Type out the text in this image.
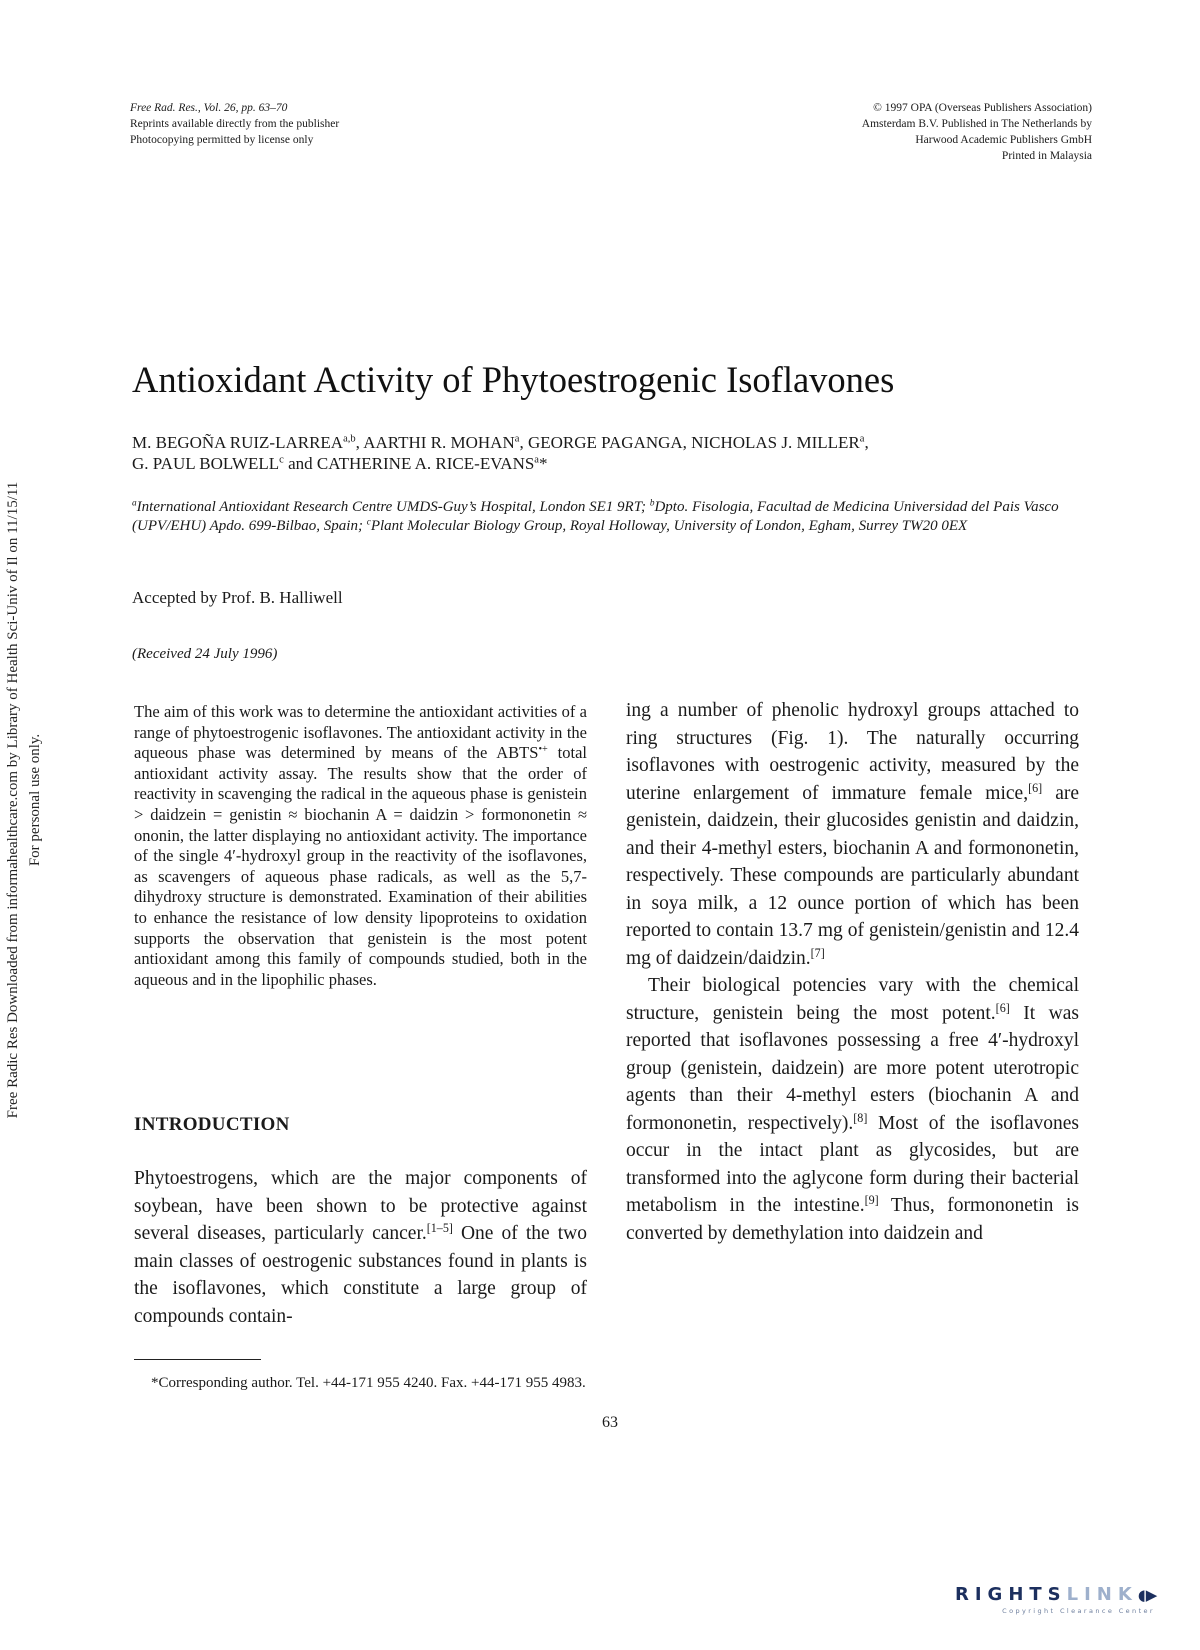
Free Radic Res Downloaded from informahealthcare.com by Library of Health Sci-Univ of Il on 11/15/11 For personal use only.
Free Rad. Res., Vol. 26, pp. 63–70
Reprints available directly from the publisher
Photocopying permitted by license only
© 1997 OPA (Overseas Publishers Association)
Amsterdam B.V. Published in The Netherlands by
Harwood Academic Publishers GmbH
Printed in Malaysia
Antioxidant Activity of Phytoestrogenic Isoflavones
M. BEGOÑA RUIZ-LARREA$^{a,b}$, AARTHI R. MOHAN$^a$, GEORGE PAGANGA, NICHOLAS J. MILLER$^a$,
G. PAUL BOLWELL$^c$ and CATHERINE A. RICE-EVANS$^a$*
$^a$International Antioxidant Research Centre UMDS-Guy’s Hospital, London SE1 9RT; $^b$Dpto. Fisologia, Facultad de Medicina Universidad del Pais Vasco (UPV/EHU) Apdo. 699-Bilbao, Spain; $^c$Plant Molecular Biology Group, Royal Holloway, University of London, Egham, Surrey TW20 0EX
Accepted by Prof. B. Halliwell
(Received 24 July 1996)
The aim of this work was to determine the antioxidant activities of a range of phytoestrogenic isoflavones. The antioxidant activity in the aqueous phase was determined by means of the ABTS•+ total antioxidant activity assay. The results show that the order of reactivity in scavenging the radical in the aqueous phase is genistein > daidzein = genistin ≈ biochanin A = daidzin > formononetin ≈ ononin, the latter displaying no antioxidant activity. The importance of the single 4′-hydroxyl group in the reactivity of the isoflavones, as scavengers of aqueous phase radicals, as well as the 5,7-dihydroxy structure is demonstrated. Examination of their abilities to enhance the resistance of low density lipoproteins to oxidation supports the observation that genistein is the most potent antioxidant among this family of compounds studied, both in the aqueous and in the lipophilic phases.
INTRODUCTION

Phytoestrogens, which are the major components of soybean, have been shown to be protective against several diseases, particularly cancer.[1–5] One of the two main classes of oestrogenic substances found in plants is the isoflavones, which constitute a large group of compounds contain-

ing a number of phenolic hydroxyl groups attached to ring structures (Fig. 1). The naturally occurring isoflavones with oestrogenic activity, measured by the uterine enlargement of immature female mice,[6] are genistein, daidzein, their glucosides genistin and daidzin, and their 4-methyl esters, biochanin A and formononetin, respectively. These compounds are particularly abundant in soya milk, a 12 ounce portion of which has been reported to contain 13.7 mg of genistein/genistin and 12.4 mg of daidzein/daidzin.[7]

Their biological potencies vary with the chemical structure, genistein being the most potent.[6] It was reported that isoflavones possessing a free 4′-hydroxyl group (genistein, daidzein) are more potent uterotropic agents than their 4-methyl esters (biochanin A and formononetin, respectively).[8] Most of the isoflavones occur in the intact plant as glycosides, but are transformed into the aglycone form during their bacterial metabolism in the intestine.[9] Thus, formononetin is converted by demethylation into daidzein and

*Corresponding author. Tel. +44-171 955 4240. Fax. +44-171 955 4983.
63
RIGHTSLINK◖▶
Copyright Clearance Center
